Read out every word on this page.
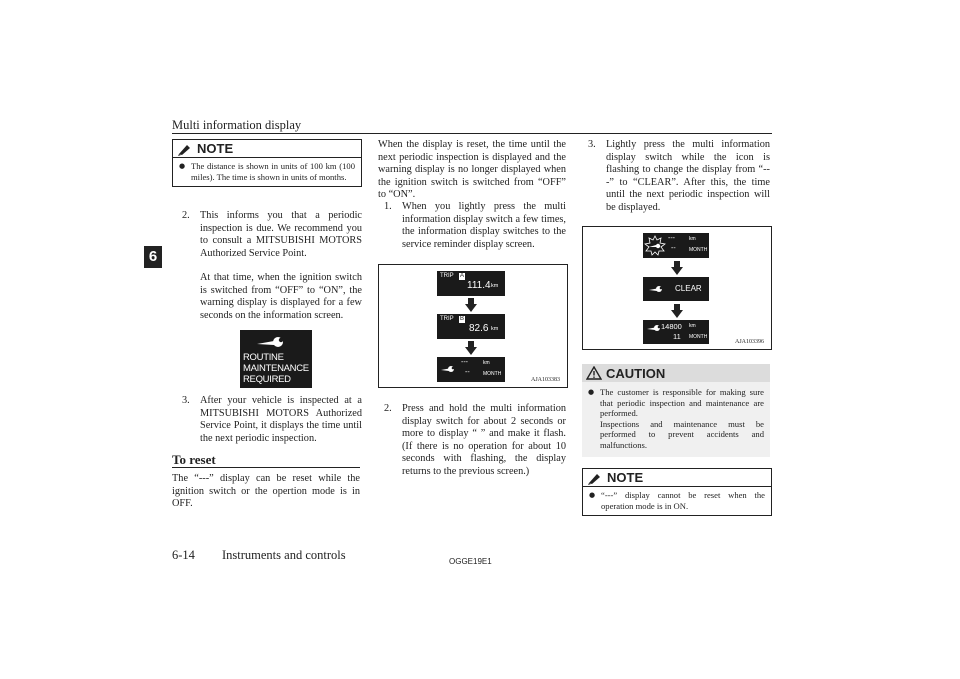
Multi information display
6
NOTE
● The distance is shown in units of 100 km (100 miles). The time is shown in units of months.
2. This informs you that a periodic inspection is due. We recommend you to consult a MITSUBISHI MOTORS Authorized Service Point.
At that time, when the ignition switch is switched from “OFF” to “ON”, the warning display is displayed for a few seconds on the information screen.
ROUTINE
MAINTENANCE
REQUIRED
3. After your vehicle is inspected at a MITSUBISHI MOTORS Authorized Service Point, it displays the time until the next periodic inspection.
To reset
The “---” display can be reset while the ignition switch or the opertion mode is in OFF.
When the display is reset, the time until the next periodic inspection is displayed and the warning display is no longer displayed when the ignition switch is switched from “OFF” to “ON”.
1. When you lightly press the multi information display switch a few times, the information display switches to the service reminder display screen.
TRIP A
111.4 km
TRIP B
82.6 km
---
--
km
MONTH
AJA103383
2. Press and hold the multi information display switch for about 2 seconds or more to display “ ” and make it flash. (If there is no operation for about 10 seconds with flashing, the display returns to the previous screen.)
3. Lightly press the multi information display switch while the icon is flashing to change the display from “---” to “CLEAR”. After this, the time until the next periodic inspection will be displayed.
---
--
km
MONTH
CLEAR
14800
11
km
MONTH
AJA103396
CAUTION
● The customer is responsible for making sure that periodic inspection and maintenance are performed.
Inspections and maintenance must be performed to prevent accidents and malfunctions.
NOTE
● “---” display cannot be reset when the operation mode is in ON.
6-14 Instruments and controls	OGGE19E1
